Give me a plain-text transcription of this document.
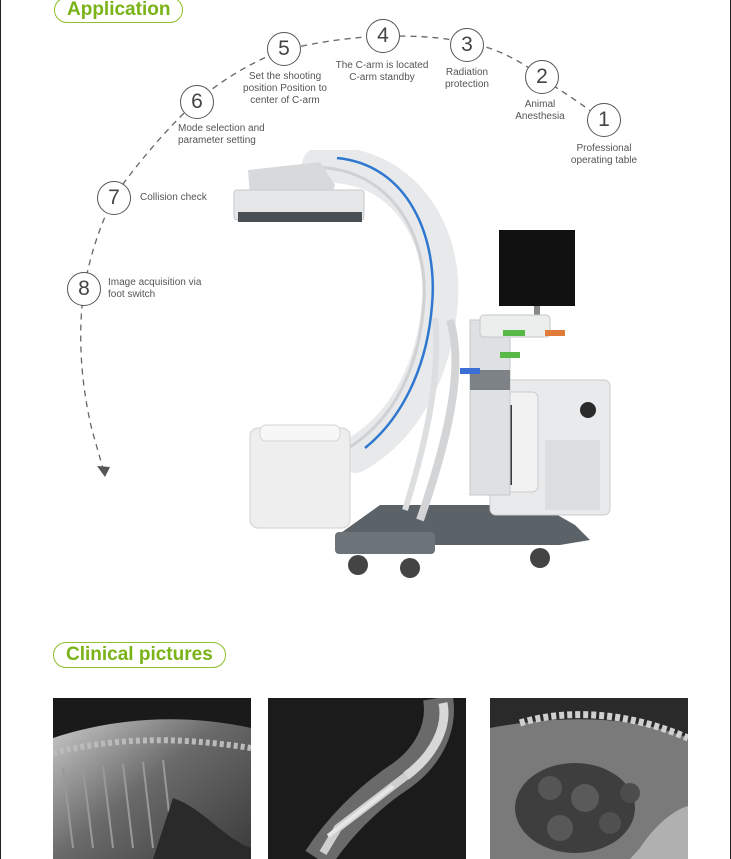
Application
1
Professional
operating table
2
Animal
Anesthesia
3
Radiation
protection
4
The C-arm is located
C-arm standby
5
Set the shooting
position Position to
center of C-arm
6
Mode selection and
parameter setting
7	Collision check
8	Image acquisition via
foot switch
Clinical pictures
